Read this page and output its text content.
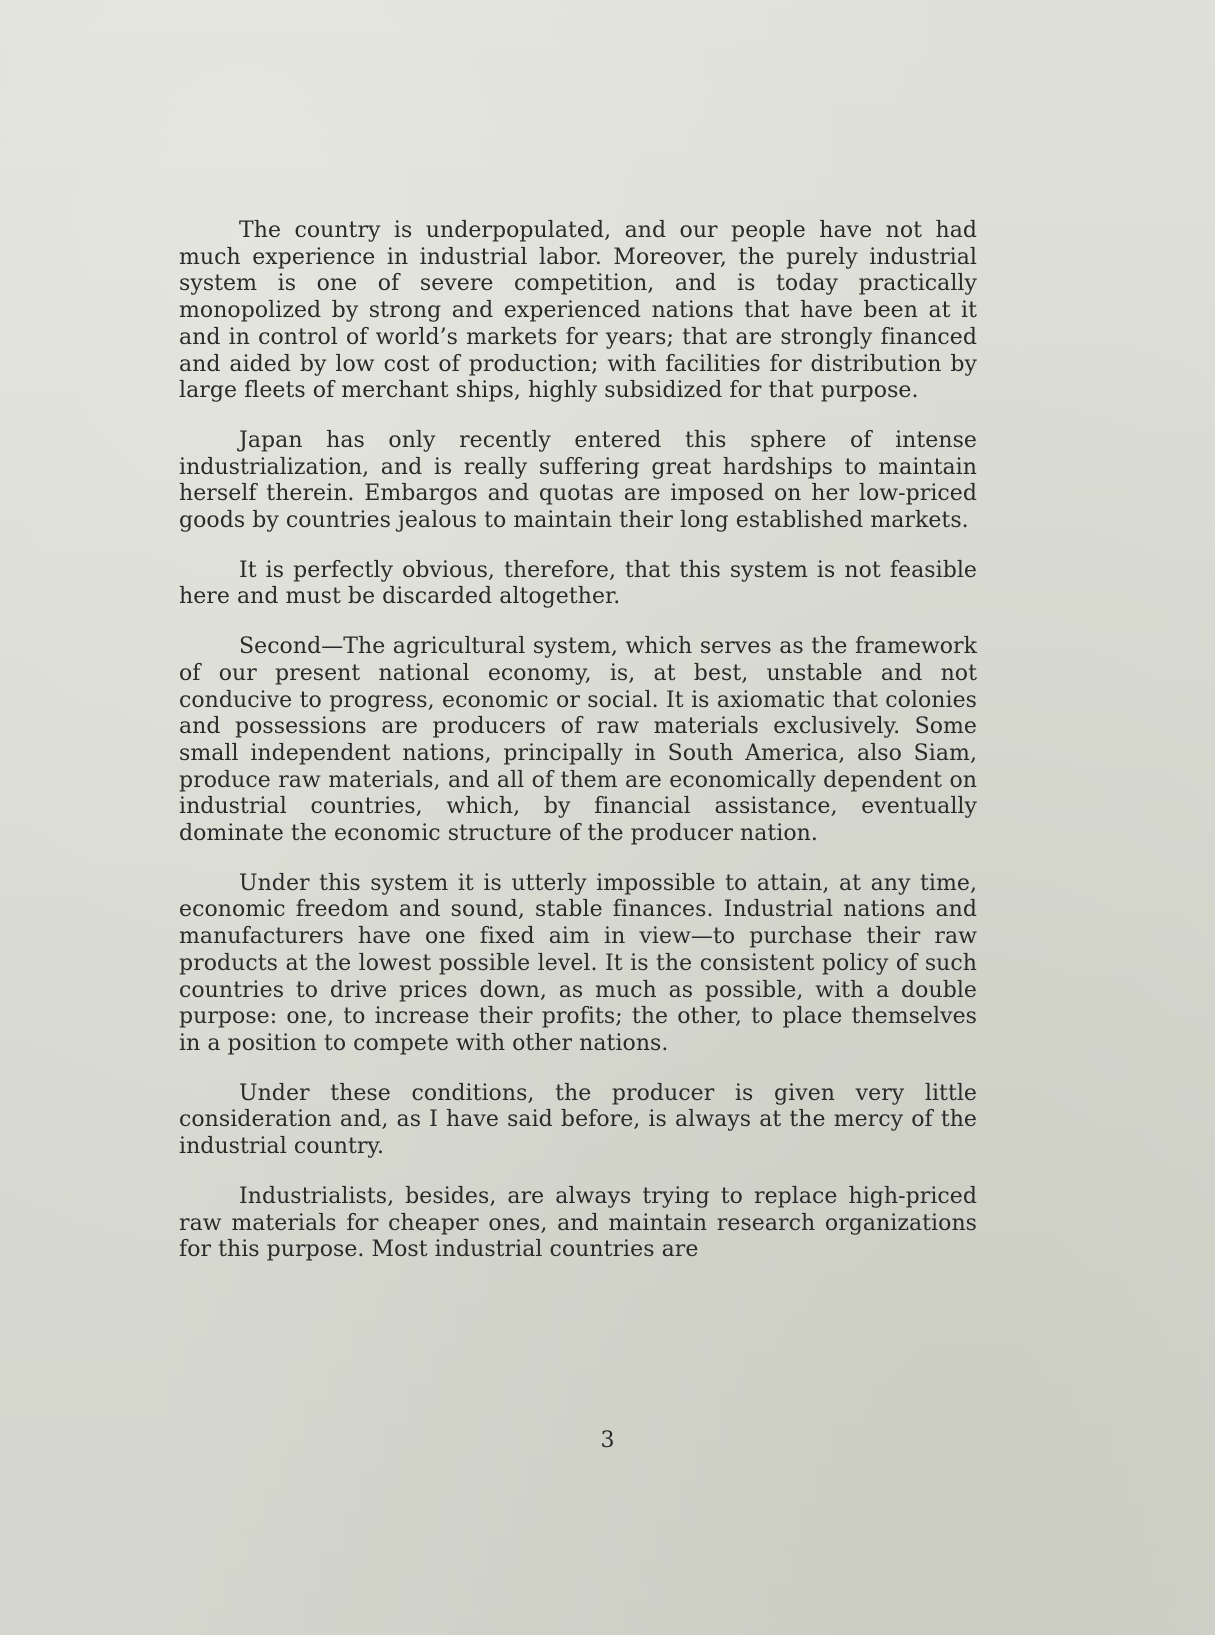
The country is underpopulated, and our people have not had much experience in industrial labor. Moreover, the purely industrial system is one of severe competition, and is today practically monopolized by strong and experienced nations that have been at it and in control of world’s markets for years; that are strongly financed and aided by low cost of production; with facilities for distribution by large fleets of merchant ships, highly subsidized for that purpose.

Japan has only recently entered this sphere of intense industrialization, and is really suffering great hardships to maintain herself therein. Embargos and quotas are imposed on her low-priced goods by countries jealous to maintain their long established markets.

It is perfectly obvious, therefore, that this system is not feasible here and must be discarded altogether.

Second—The agricultural system, which serves as the framework of our present national economy, is, at best, unstable and not conducive to progress, economic or social. It is axiomatic that colonies and possessions are producers of raw materials exclusively. Some small independent nations, principally in South America, also Siam, produce raw materials, and all of them are economically dependent on industrial countries, which, by financial assistance, eventually dominate the economic structure of the producer nation.

Under this system it is utterly impossible to attain, at any time, economic freedom and sound, stable finances. Industrial nations and manufacturers have one fixed aim in view—to purchase their raw products at the lowest possible level. It is the consistent policy of such countries to drive prices down, as much as possible, with a double purpose: one, to increase their profits; the other, to place themselves in a position to compete with other nations.

Under these conditions, the producer is given very little consideration and, as I have said before, is always at the mercy of the industrial country.

Industrialists, besides, are always trying to replace high-priced raw materials for cheaper ones, and maintain research organizations for this purpose. Most industrial countries are

3
